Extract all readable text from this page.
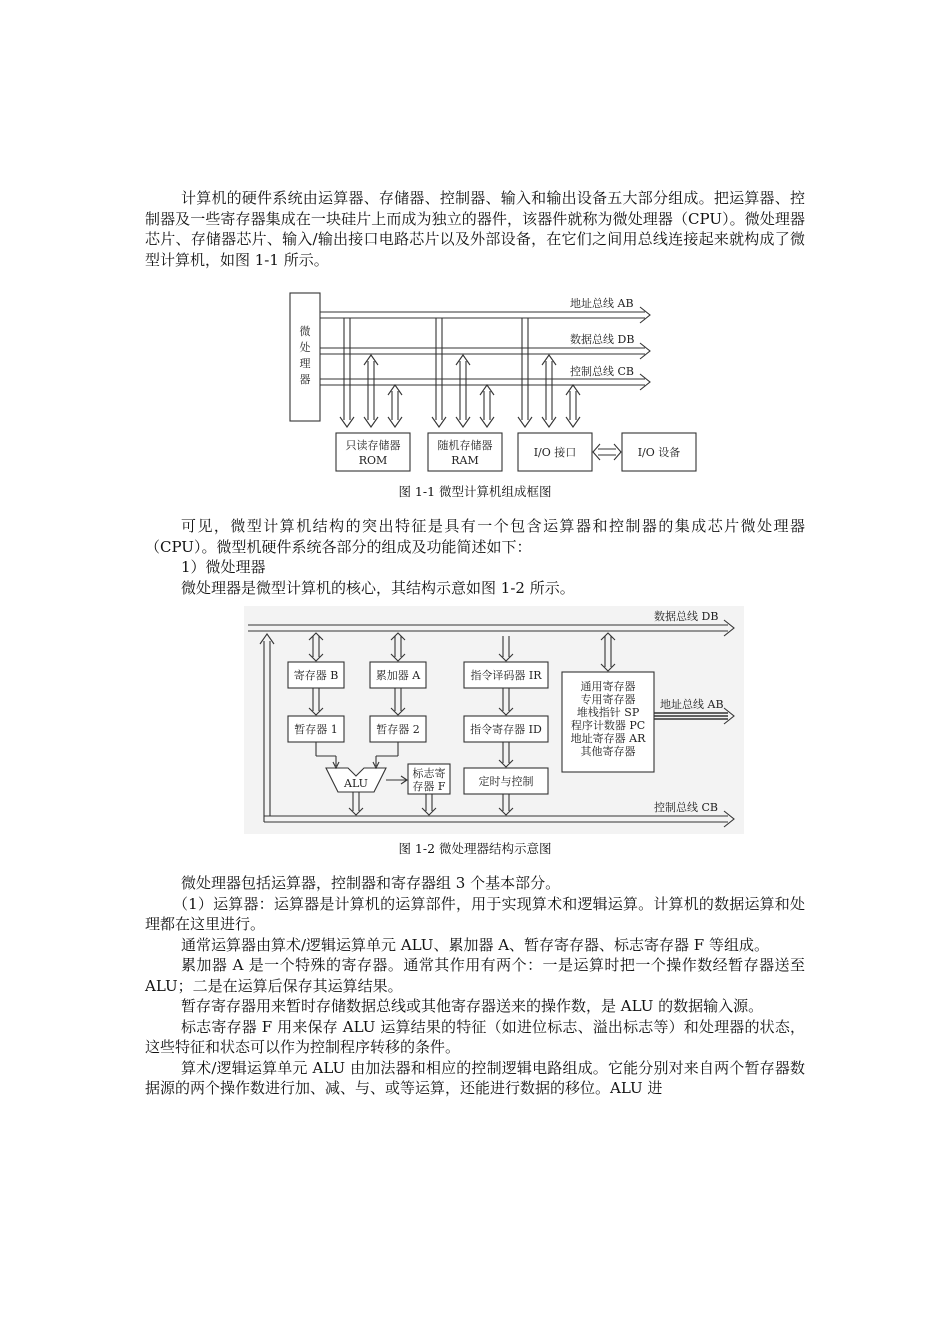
计算机的硬件系统由运算器、存储器、控制器、输入和输出设备五大部分组成。把运算器、控制器及一些寄存器集成在一块硅片上而成为独立的器件，该器件就称为微处理器（CPU）。微处理器芯片、存储器芯片、输入/输出接口电路芯片以及外部设备，在它们之间用总线连接起来就构成了微型计算机，如图 1-1 所示。

微
处
理
器
地址总线 AB
数据总线 DB
控制总线 CB
只读存储器
ROM
随机存储器
RAM
I/O 接口	I/O 设备

图 1-1 微型计算机组成框图

可见，微型计算机结构的突出特征是具有一个包含运算器和控制器的集成芯片微处理器（CPU）。微型机硬件系统各部分的组成及功能简述如下：

1）微处理器

微处理器是微型计算机的核心，其结构示意如图 1-2 所示。

数据总线 DB
地址总线 AB
控制总线 CB
寄存器 B	累加器 A	指令译码器 IR
暂存器 1	暂存器 2	指令寄存器 ID
ALU
标志寄
存器 F	定时与控制
通用寄存器
专用寄存器
堆栈指针 SP
程序计数器 PC
地址寄存器 AR
其他寄存器

图 1-2 微处理器结构示意图

微处理器包括运算器，控制器和寄存器组 3 个基本部分。

（1）运算器：运算器是计算机的运算部件，用于实现算术和逻辑运算。计算机的数据运算和处理都在这里进行。

通常运算器由算术/逻辑运算单元 ALU、累加器 A、暂存寄存器、标志寄存器 F 等组成。

累加器 A 是一个特殊的寄存器。通常其作用有两个：一是运算时把一个操作数经暂存器送至 ALU；二是在运算后保存其运算结果。

暂存寄存器用来暂时存储数据总线或其他寄存器送来的操作数，是 ALU 的数据输入源。

标志寄存器 F 用来保存 ALU 运算结果的特征（如进位标志、溢出标志等）和处理器的状态，这些特征和状态可以作为控制程序转移的条件。

算术/逻辑运算单元 ALU 由加法器和相应的控制逻辑电路组成。它能分别对来自两个暂存器数据源的两个操作数进行加、减、与、或等运算，还能进行数据的移位。ALU 进
